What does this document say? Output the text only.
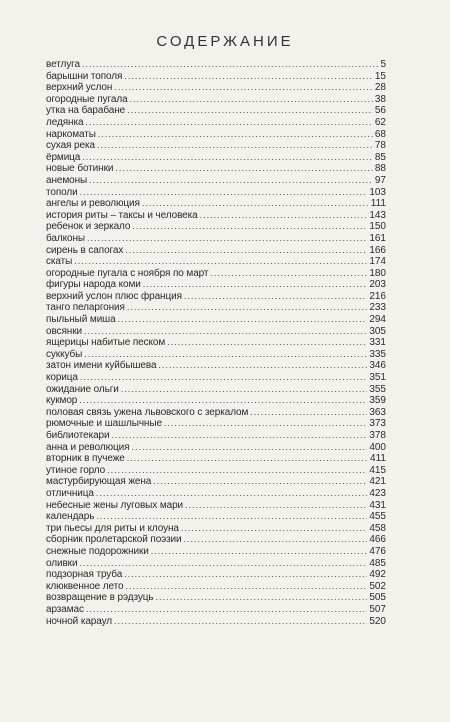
СОДЕРЖАНИЕ
ветлуга .....	5
барышни тополя .....	15
верхний услон .....	28
огородные пугала .....	38
утка на барабане .....	56
ледянка .....	62
наркоматы .....	68
сухая река .....	78
ёрмица .....	85
новые ботинки .....	88
анемоны .....	97
тополи .....	103
ангелы и революция .....	111
история риты – таксы и человека .....	143
ребенок и зеркало .....	150
балконы .....	161
сирень в сапогах .....	166
скаты .....	174
огородные пугала с ноября по март .....	180
фигуры народа коми .....	203
верхний услон плюс франция .....	216
танго пеларгония .....	233
пыльный миша .....	294
овсянки .....	305
ящерицы набитые песком .....	331
суккубы .....	335
затон имени куйбышева .....	346
корица .....	351
ожидание ольги .....	355
кукмор .....	359
половая связь ужена львовского с зеркалом .....	363
рюмочные и шашлычные .....	373
библиотекари .....	378
анна и революция .....	400
вторник в пучеже .....	411
утиное горло .....	415
мастурбирующая жена .....	421
отличница .....	423
небесные жены луговых мари .....	431
календарь .....	455
три пьесы для риты и клоуна .....	458
сборник пролетарской поэзии .....	466
снежные подорожники .....	476
оливки .....	485
подзорная труба .....	492
клюквенное лето .....	502
возвращение в рэдзуць .....	505
арзамас .....	507
ночной караул .....	520
